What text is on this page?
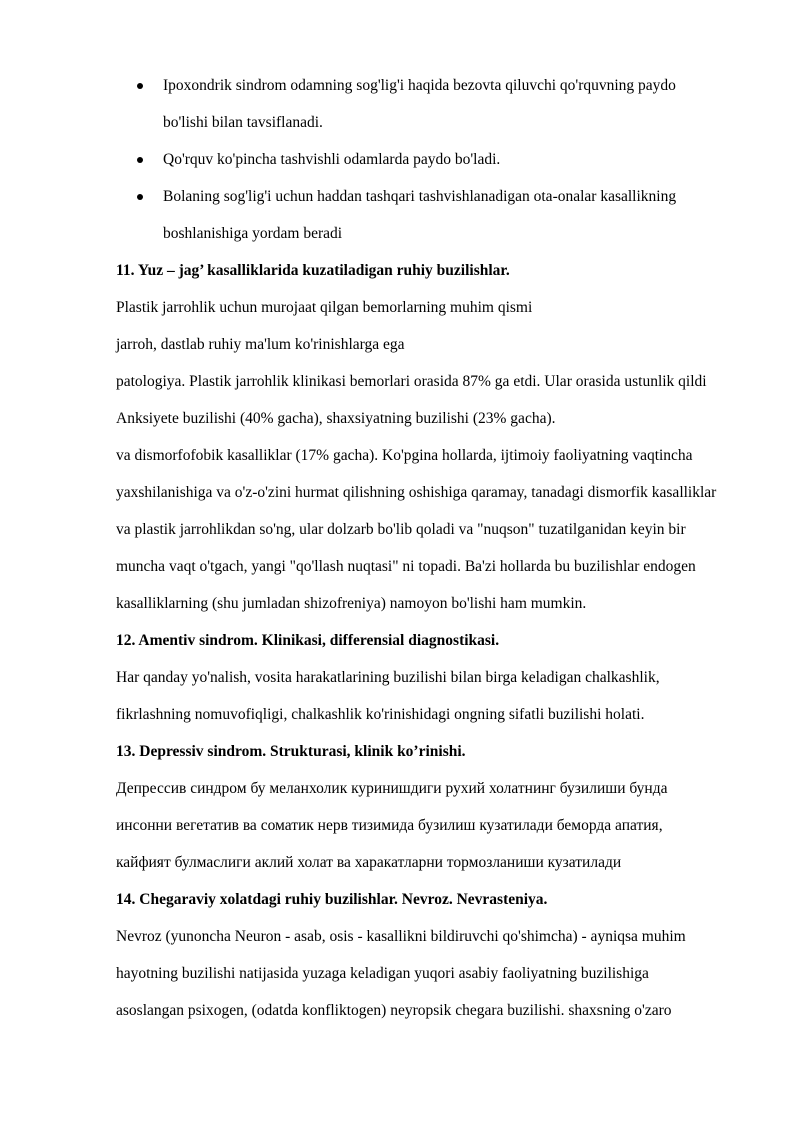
Ipoxondrik sindrom odamning sog'lig'i haqida bezovta qiluvchi qo'rquvning paydo

bo'lishi bilan tavsiflanadi.

Qo'rquv ko'pincha tashvishli odamlarda paydo bo'ladi.

Bolaning sog'lig'i uchun haddan tashqari tashvishlanadigan ota-onalar kasallikning

boshlanishiga yordam beradi

11. Yuz – jag’ kasalliklarida kuzatiladigan ruhiy buzilishlar.

Plastik jarrohlik uchun murojaat qilgan bemorlarning muhim qismi

jarroh, dastlab ruhiy ma'lum ko'rinishlarga ega

patologiya. Plastik jarrohlik klinikasi bemorlari orasida 87% ga etdi. Ular orasida ustunlik qildi

Anksiyete buzilishi (40% gacha), shaxsiyatning buzilishi (23% gacha).

va dismorfofobik kasalliklar (17% gacha). Ko'pgina hollarda, ijtimoiy faoliyatning vaqtincha

yaxshilanishiga va o'z-o'zini hurmat qilishning oshishiga qaramay, tanadagi dismorfik kasalliklar

va plastik jarrohlikdan so'ng, ular dolzarb bo'lib qoladi va "nuqson" tuzatilganidan keyin bir

muncha vaqt o'tgach, yangi "qo'llash nuqtasi" ni topadi. Ba'zi hollarda bu buzilishlar endogen

kasalliklarning (shu jumladan shizofreniya) namoyon bo'lishi ham mumkin.

12. Amentiv sindrom. Klinikasi, differensial diagnostikasi.

Har qanday yo'nalish, vosita harakatlarining buzilishi bilan birga keladigan chalkashlik,

fikrlashning nomuvofiqligi, chalkashlik ko'rinishidagi ongning sifatli buzilishi holati.

13. Depressiv sindrom. Strukturasi, klinik ko’rinishi.

Депрессив синдром бу меланхолик куринишдиги рухий холатнинг бузилиши бунда

инсонни вегетатив ва соматик нерв тизимида бузилиш кузатилади беморда апатия,

кайфият булмаслиги аклий холат ва харакатларни тормозланиши кузатилади

14. Chegaraviy xolatdagi ruhiy buzilishlar. Nevroz. Nevrasteniya.

Nevroz (yunoncha Neuron - asab, osis - kasallikni bildiruvchi qo'shimcha) - ayniqsa muhim

hayotning buzilishi natijasida yuzaga keladigan yuqori asabiy faoliyatning buzilishiga

asoslangan psixogen, (odatda konfliktogen) neyropsik chegara buzilishi. shaxsning o'zaro
